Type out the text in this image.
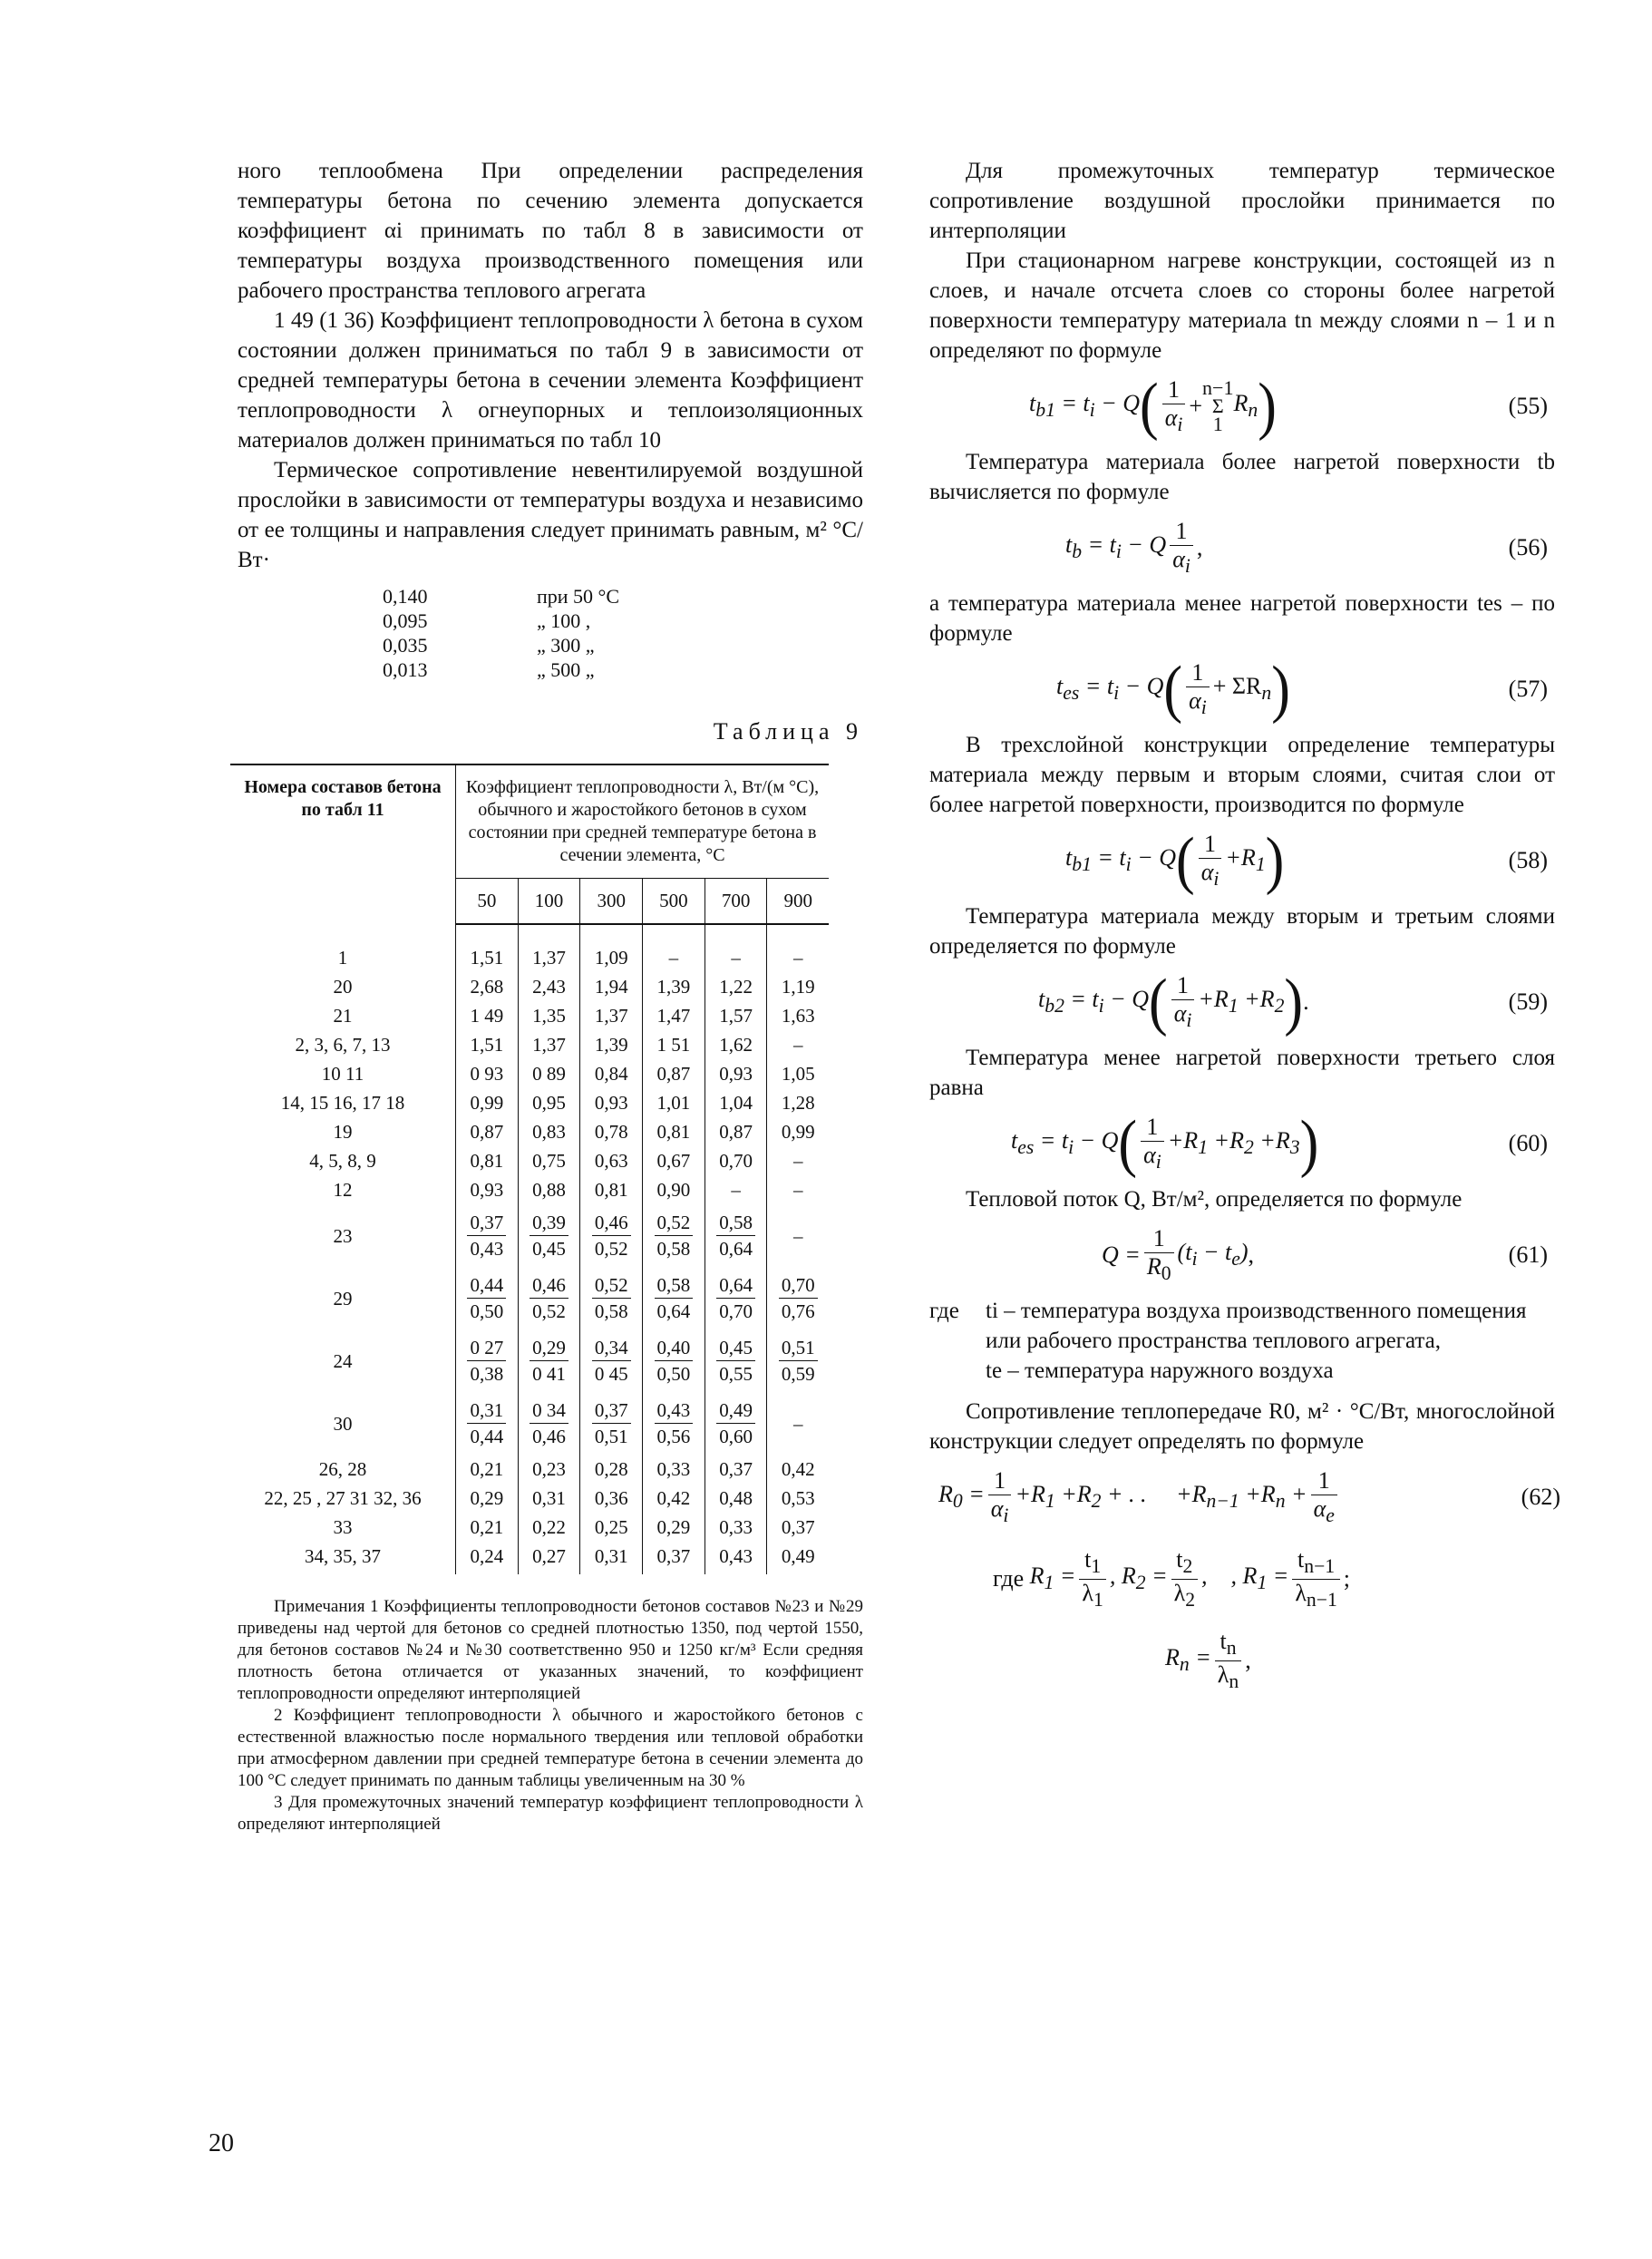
ного теплообмена При определении распределения температуры бетона по сечению элемента допускается коэффициент αi принимать по табл 8 в зависимости от температуры воздуха производственного помещения или рабочего пространства теплового агрегата

1 49 (1 36) Коэффициент теплопроводности λ бетона в сухом состоянии должен приниматься по табл 9 в зависимости от средней температуры бетона в сечении элемента Коэффициент теплопроводности λ огнеупорных и теплоизоляционных материалов должен приниматься по табл 10

Термическое сопротивление невентилируемой воздушной прослойки в зависимости от температуры воздуха и независимо от ее толщины и направления следует принимать равным, м² °С/Вт·

0,140	при 50 °С
0,095	„ 100 ,
0,035	„ 300 „
0,013	„ 500 „
Таблица 9
Номера составов бетона по табл 11	Коэффициент теплопроводности λ, Вт/(м °С), обычного и жаростойкого бетонов в сухом состоянии при средней температуре бетона в сечении элемента, °С					
	50	100	300	500	700	900
1	1,51	1,37	1,09	–	–	–
20	2,68	2,43	1,94	1,39	1,22	1,19
21	1 49	1,35	1,37	1,47	1,57	1,63
2, 3, 6, 7, 13	1,51	1,37	1,39	1 51	1,62	–
10 11	0 93	0 89	0,84	0,87	0,93	1,05
14, 15 16, 17 18	0,99	0,95	0,93	1,01	1,04	1,28
19	0,87	0,83	0,78	0,81	0,87	0,99
4, 5, 8, 9	0,81	0,75	0,63	0,67	0,70	–
12	0,93	0,88	0,81	0,90	–	–
23	$\frac{0,37}{0,43}$	$\frac{0,39}{0,45}$	$\frac{0,46}{0,52}$	$\frac{0,52}{0,58}$	$\frac{0,58}{0,64}$	–
29	$\frac{0,44}{0,50}$	$\frac{0,46}{0,52}$	$\frac{0,52}{0,58}$	$\frac{0,58}{0,64}$	$\frac{0,64}{0,70}$	$\frac{0,70}{0,76}$

24	$\frac{0 27}{0,38}$	$\frac{0,29}{0 41}$	$\frac{0,34}{0 45}$	$\frac{0,40}{0,50}$	$\frac{0,45}{0,55}$	$\frac{0,51}{0,59}$

30	$\frac{0,31}{0,44}$	$\frac{0 34}{0,46}$	$\frac{0,37}{0,51}$	$\frac{0,43}{0,56}$	$\frac{0,49}{0,60}$	–
26, 28	0,21	0,23	0,28	0,33	0,37	0,42
22, 25 , 27 31 32, 36	0,29	0,31	0,36	0,42	0,48	0,53
33	0,21	0,22	0,25	0,29	0,33	0,37
34, 35, 37	0,24	0,27	0,31	0,37	0,43	0,49

Примечания 1 Коэффициенты теплопроводности бетонов составов №23 и №29 приведены над чертой для бетонов со средней плотностью 1350, под чертой 1550, для бетонов составов №24 и №30 соответственно 950 и 1250 кг/м³ Если средняя плотность бетона отличается от указанных значений, то коэффициент теплопроводности определяют интерполяцией

2 Коэффициент теплопроводности λ обычного и жаростойкого бетонов с естественной влажностью после нормального твердения или тепловой обработки при атмосферном давлении при средней температуре бетона в сечении элемента до 100 °С следует принимать по данным таблицы увеличенным на 30 %

3 Для промежуточных значений температур коэффициент теплопроводности λ определяют интерполяцией

Для промежуточных температур термическое сопротивление воздушной прослойки принимается по интерполяции

При стационарном нагреве конструкции, состоящей из n слоев, и начале отсчета слоев со стороны более нагретой поверхности температуру материала tn между слоями n – 1 и n определяют по формуле

$t_{b1} = t_i - Q$ ( $\frac{1}{\alpha_i}$ +
n−1
Σ
1
$R_n$ )	(55)

Температура материала более нагретой поверхности tb вычисляется по формуле

$t_b = t_i - Q \frac{1}{\alpha_i}$ ,	(56)

а температура материала менее нагретой поверхности tes – по формуле

$t_{es} = t_i - Q$ ( $\frac{1}{\alpha_i} + \Sigma R_n$ )	(57)

В трехслойной конструкции определение температуры материала между первым и вторым слоями, считая слои от более нагретой поверхности, производится по формуле

$t_{b1} = t_i - Q$ ( $\frac{1}{\alpha_i} +R_1$ )	(58)

Температура материала между вторым и третьим слоями определяется по формуле

$t_{b2} = t_i - Q$ ( $\frac{1}{\alpha_i} +R_1 +R_2$ ) .	(59)

Температура менее нагретой поверхности третьего слоя равна

$t_{es} = t_i - Q$ ( $\frac{1}{\alpha_i} +R_1 +R_2 +R_3$ )	(60)

Тепловой поток Q, Вт/м², определяется по формуле

$Q = \frac{1}{R_0} (t_i - t_e)$ ,	(61)
где	ti – температура воздуха производственного помещения или рабочего пространства теплового агрегата,
te – температура наружного воздуха

Сопротивление теплопередаче R0, м² · °С/Вт, многослойной конструкции следует определять по формуле

$R_0 = \frac{1}{\alpha_i} +R_1 +R_2$ + . .     $+R_{n-1} +R_n + \frac{1}{\alpha_e}$	(62)
где $R_1 = \frac{t_1}{\lambda_1}$ , $R_2 = \frac{t_2}{\lambda_2}$ ,    , $R_1 = \frac{t_{n-1}}{\lambda_{n-1}}$ ;
$R_n = \frac{t_n}{\lambda_n}$ ,
20
